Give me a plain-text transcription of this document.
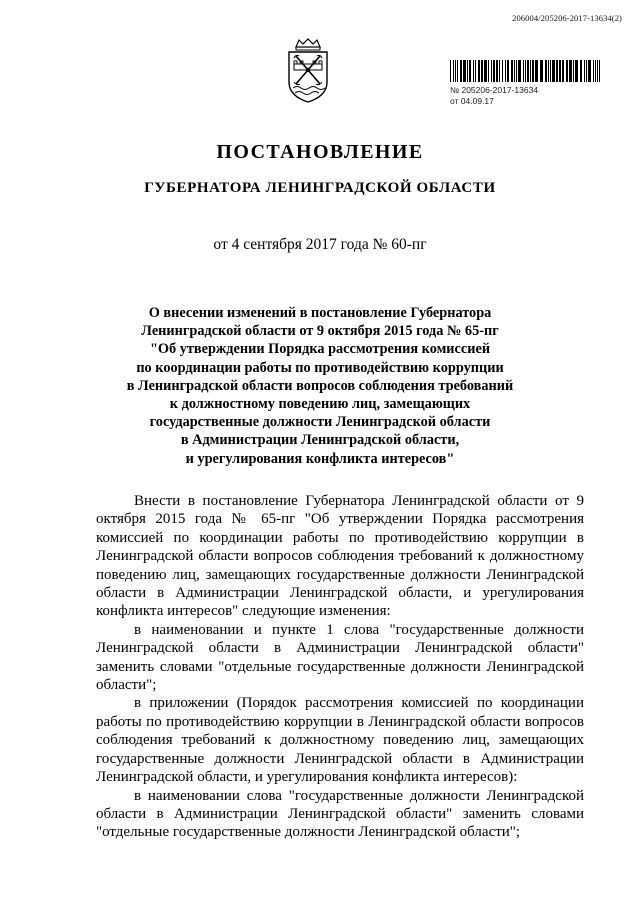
206004/205206-2017-13634(2)
№ 205206-2017-13634
от 04.09.17
ПОСТАНОВЛЕНИЕ
ГУБЕРНАТОРА ЛЕНИНГРАДСКОЙ ОБЛАСТИ
от 4 сентября 2017 года № 60-пг
О внесении изменений в постановление Губернатора
Ленинградской области от 9 октября 2015 года № 65-пг
"Об утверждении Порядка рассмотрения комиссией
по координации работы по противодействию коррупции
в Ленинградской области вопросов соблюдения требований
к должностному поведению лиц, замещающих
государственные должности Ленинградской области
в Администрации Ленинградской области,
и урегулирования конфликта интересов"
Внести в постановление Губернатора Ленинградской области от 9 октября 2015 года № 65-пг "Об утверждении Порядка рассмотрения комиссией по координации работы по противодействию коррупции в Ленинградской области вопросов соблюдения требований к должностному поведению лиц, замещающих государственные должности Ленинградской области в Администрации Ленинградской области, и урегулирования конфликта интересов" следующие изменения:
в наименовании и пункте 1 слова "государственные должности Ленинградской области в Администрации Ленинградской области" заменить словами "отдельные государственные должности Ленинградской области";
в приложении (Порядок рассмотрения комиссией по координации работы по противодействию коррупции в Ленинградской области вопросов соблюдения требований к должностному поведению лиц, замещающих государственные должности Ленинградской области в Администрации Ленинградской области, и урегулирования конфликта интересов):
в наименовании слова "государственные должности Ленинградской области в Администрации Ленинградской области" заменить словами "отдельные государственные должности Ленинградской области";
